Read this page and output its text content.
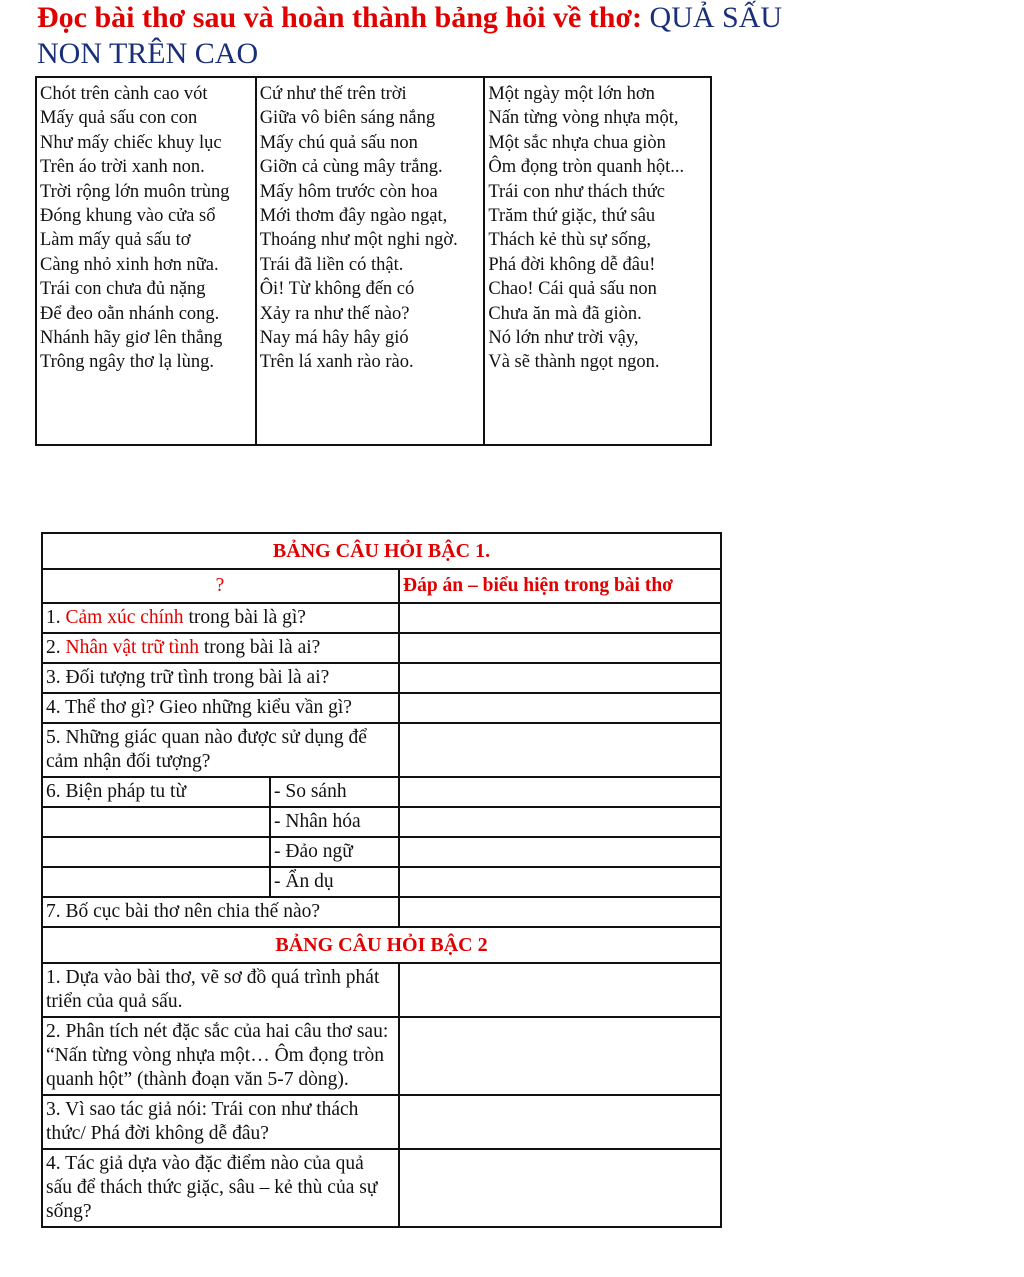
Đọc bài thơ sau và hoàn thành bảng hỏi về thơ: QUẢ SẤU
NON TRÊN CAO
Chót trên cành cao vót
Mấy quả sấu con con
Như mấy chiếc khuy lục
Trên áo trời xanh non.
Trời rộng lớn muôn trùng
Đóng khung vào cửa sổ
Làm mấy quả sấu tơ
Càng nhỏ xinh hơn nữa.
Trái con chưa đủ nặng
Để đeo oằn nhánh cong.
Nhánh hãy giơ lên thẳng
Trông ngây thơ lạ lùng.

Cứ như thế trên trời
Giữa vô biên sáng nắng
Mấy chú quả sấu non
Giỡn cả cùng mây trắng.
Mấy hôm trước còn hoa
Mới thơm đây ngào ngạt,
Thoáng như một nghi ngờ.
Trái đã liền có thật.
Ôi! Từ không đến có
Xảy ra như thế nào?
Nay má hây hây gió
Trên lá xanh rào rào.

Một ngày một lớn hơn
Nấn từng vòng nhựa một,
Một sắc nhựa chua giòn
Ôm đọng tròn quanh hột...
Trái con như thách thức
Trăm thứ giặc, thứ sâu
Thách kẻ thù sự sống,
Phá đời không dễ đâu!
Chao! Cái quả sấu non
Chưa ăn mà đã giòn.
Nó lớn như trời vậy,
Và sẽ thành ngọt ngon.
BẢNG CÂU HỎI BẬC 1.		
?		Đáp án – biểu hiện trong bài thơ
1. Cảm xúc chính trong bài là gì?		
2. Nhân vật trữ tình trong bài là ai?		
3. Đối tượng trữ tình trong bài là ai?		
4. Thể thơ gì? Gieo những kiểu vần gì?		
5. Những giác quan nào được sử dụng để cảm nhận đối tượng?		
6. Biện pháp tu từ	- So sánh	
	- Nhân hóa	
	- Đảo ngữ	
	- Ẩn dụ	
7. Bố cục bài thơ nên chia thế nào?		
BẢNG CÂU HỎI BẬC 2		
1. Dựa vào bài thơ, vẽ sơ đồ quá trình phát triển của quả sấu.		
2. Phân tích nét đặc sắc của hai câu thơ sau: “Nấn từng vòng nhựa một… Ôm đọng tròn quanh hột” (thành đoạn văn 5-7 dòng).		
3. Vì sao tác giả nói: Trái con như thách thức/ Phá đời không dễ đâu?		
4. Tác giả dựa vào đặc điểm nào của quả sấu để thách thức giặc, sâu – kẻ thù của sự sống?		
